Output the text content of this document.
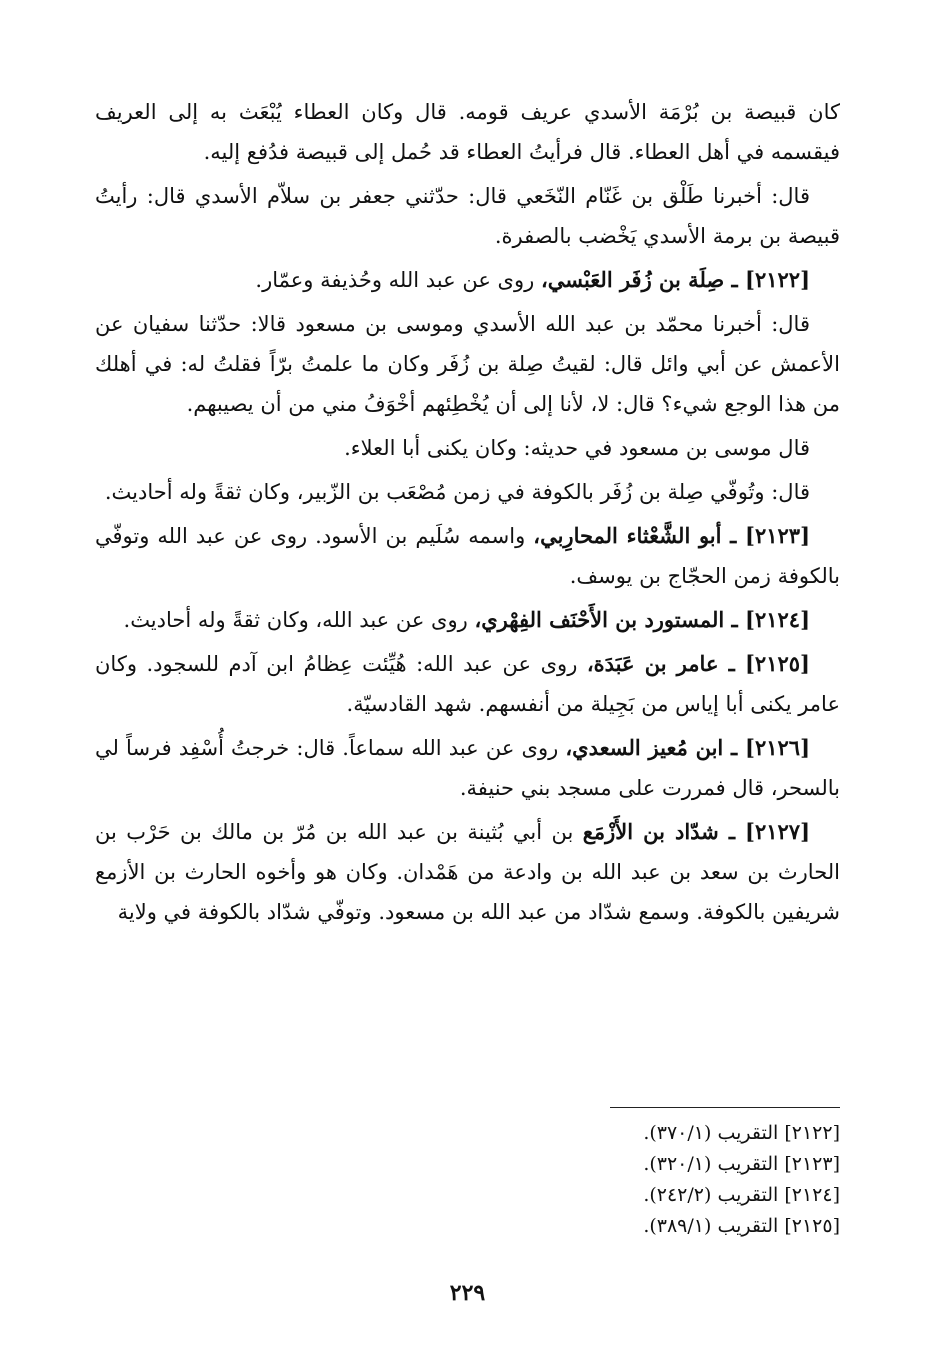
كان قبيصة بن بُرْمَة الأسدي عريف قومه. قال وكان العطاء يُبْعَث به إلى العريف فيقسمه في أهل العطاء. قال فرأيتُ العطاء قد حُمل إلى قبيصة فدُفع إليه.

قال: أخبرنا طَلْق بن غَنّام النّخَعي قال: حدّثني جعفر بن سلاّم الأسدي قال: رأيتُ قبيصة بن برمة الأسدي يَخْضب بالصفرة.

[٢١٢٢] ـ صِلَة بن زُفَر العَبْسي، روى عن عبد الله وحُذيفة وعمّار.

قال: أخبرنا محمّد بن عبد الله الأسدي وموسى بن مسعود قالا: حدّثنا سفيان عن الأعمش عن أبي وائل قال: لقيتُ صِلة بن زُفَر وكان ما علمتُ برّاً فقلتُ له: في أهلك من هذا الوجع شيء؟ قال: لا، لأنا إلى أن يُخْطِئهم أخْوَفُ مني من أن يصيبهم.

قال موسى بن مسعود في حديثه: وكان يكنى أبا العلاء.

قال: وتُوفّي صِلة بن زُفَر بالكوفة في زمن مُصْعَب بن الزّبير، وكان ثقةً وله أحاديث.

[٢١٢٣] ـ أبو الشَّعْثاء المحارِبي، واسمه سُلَيم بن الأسود. روى عن عبد الله وتوفّي بالكوفة زمن الحجّاج بن يوسف.

[٢١٢٤] ـ المستورد بن الأَحْنَف الفِهْري، روى عن عبد الله، وكان ثقةً وله أحاديث.

[٢١٢٥] ـ عامر بن عَبَدَة، روى عن عبد الله: هُيِّئت عِظامُ ابن آدم للسجود. وكان عامر يكنى أبا إياس من بَجِيلة من أنفسهم. شهد القادسيّة.

[٢١٢٦] ـ ابن مُعيز السعدي، روى عن عبد الله سماعاً. قال: خرجتُ أُسْفِد فرساً لي بالسحر، قال فمررت على مسجد بني حنيفة.

[٢١٢٧] ـ شدّاد بن الأَزْمَع بن أبي بُثينة بن عبد الله بن مُرّ بن مالك بن حَرْب بن الحارث بن سعد بن عبد الله بن وادعة من هَمْدان. وكان هو وأخوه الحارث بن الأزمع شريفين بالكوفة. وسمع شدّاد من عبد الله بن مسعود. وتوفّي شدّاد بالكوفة في ولاية

[٢١٢٢] التقريب (٣٧٠/١).

[٢١٢٣] التقريب (٣٢٠/١).

[٢١٢٤] التقريب (٢٤٢/٢).

[٢١٢٥] التقريب (٣٨٩/١).

٢٢٩
